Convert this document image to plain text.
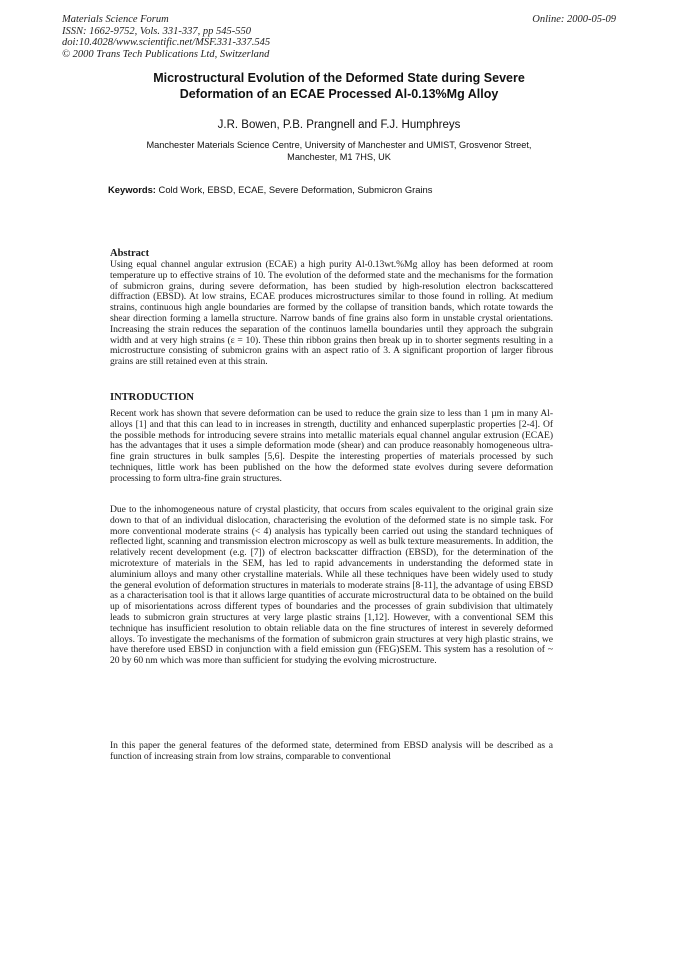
Materials Science Forum
ISSN: 1662-9752, Vols. 331-337, pp 545-550
doi:10.4028/www.scientific.net/MSF.331-337.545
© 2000 Trans Tech Publications Ltd, Switzerland
Online: 2000-05-09
Microstructural Evolution of the Deformed State during Severe
Deformation of an ECAE Processed Al-0.13%Mg Alloy
J.R. Bowen, P.B. Prangnell and F.J. Humphreys
Manchester Materials Science Centre, University of Manchester and UMIST, Grosvenor Street,
Manchester, M1 7HS, UK
Keywords: Cold Work, EBSD, ECAE, Severe Deformation, Submicron Grains
Abstract
Using equal channel angular extrusion (ECAE) a high purity Al-0.13wt.%Mg alloy has been deformed at room temperature up to effective strains of 10. The evolution of the deformed state and the mechanisms for the formation of submicron grains, during severe deformation, has been studied by high-resolution electron backscattered diffraction (EBSD). At low strains, ECAE produces microstructures similar to those found in rolling. At medium strains, continuous high angle boundaries are formed by the collapse of transition bands, which rotate towards the shear direction forming a lamella structure. Narrow bands of fine grains also form in unstable crystal orientations. Increasing the strain reduces the separation of the continuos lamella boundaries until they approach the subgrain width and at very high strains (ε = 10). These thin ribbon grains then break up in to shorter segments resulting in a microstructure consisting of submicron grains with an aspect ratio of 3. A significant proportion of larger fibrous grains are still retained even at this strain.
INTRODUCTION
Recent work has shown that severe deformation can be used to reduce the grain size to less than 1 µm in many Al-alloys [1] and that this can lead to in increases in strength, ductility and enhanced superplastic properties [2-4]. Of the possible methods for introducing severe strains into metallic materials equal channel angular extrusion (ECAE) has the advantages that it uses a simple deformation mode (shear) and can produce reasonably homogeneous ultra-fine grain structures in bulk samples [5,6]. Despite the interesting properties of materials processed by such techniques, little work has been published on the how the deformed state evolves during severe deformation processing to form ultra-fine grain structures.
Due to the inhomogeneous nature of crystal plasticity, that occurs from scales equivalent to the original grain size down to that of an individual dislocation, characterising the evolution of the deformed state is no simple task. For more conventional moderate strains (< 4) analysis has typically been carried out using the standard techniques of reflected light, scanning and transmission electron microscopy as well as bulk texture measurements. In addition, the relatively recent development (e.g. [7]) of electron backscatter diffraction (EBSD), for the determination of the microtexture of materials in the SEM, has led to rapid advancements in understanding the deformed state in aluminium alloys and many other crystalline materials. While all these techniques have been widely used to study the general evolution of deformation structures in materials to moderate strains [8-11], the advantage of using EBSD as a characterisation tool is that it allows large quantities of accurate microstructural data to be obtained on the build up of misorientations across different types of boundaries and the processes of grain subdivision that ultimately leads to submicron grain structures at very large plastic strains [1,12]. However, with a conventional SEM this technique has insufficient resolution to obtain reliable data on the fine structures of interest in severely deformed alloys. To investigate the mechanisms of the formation of submicron grain structures at very high plastic strains, we have therefore used EBSD in conjunction with a field emission gun (FEG)SEM. This system has a resolution of ~ 20 by 60 nm which was more than sufficient for studying the evolving microstructure.
In this paper the general features of the deformed state, determined from EBSD analysis will be described as a function of increasing strain from low strains, comparable to conventional
